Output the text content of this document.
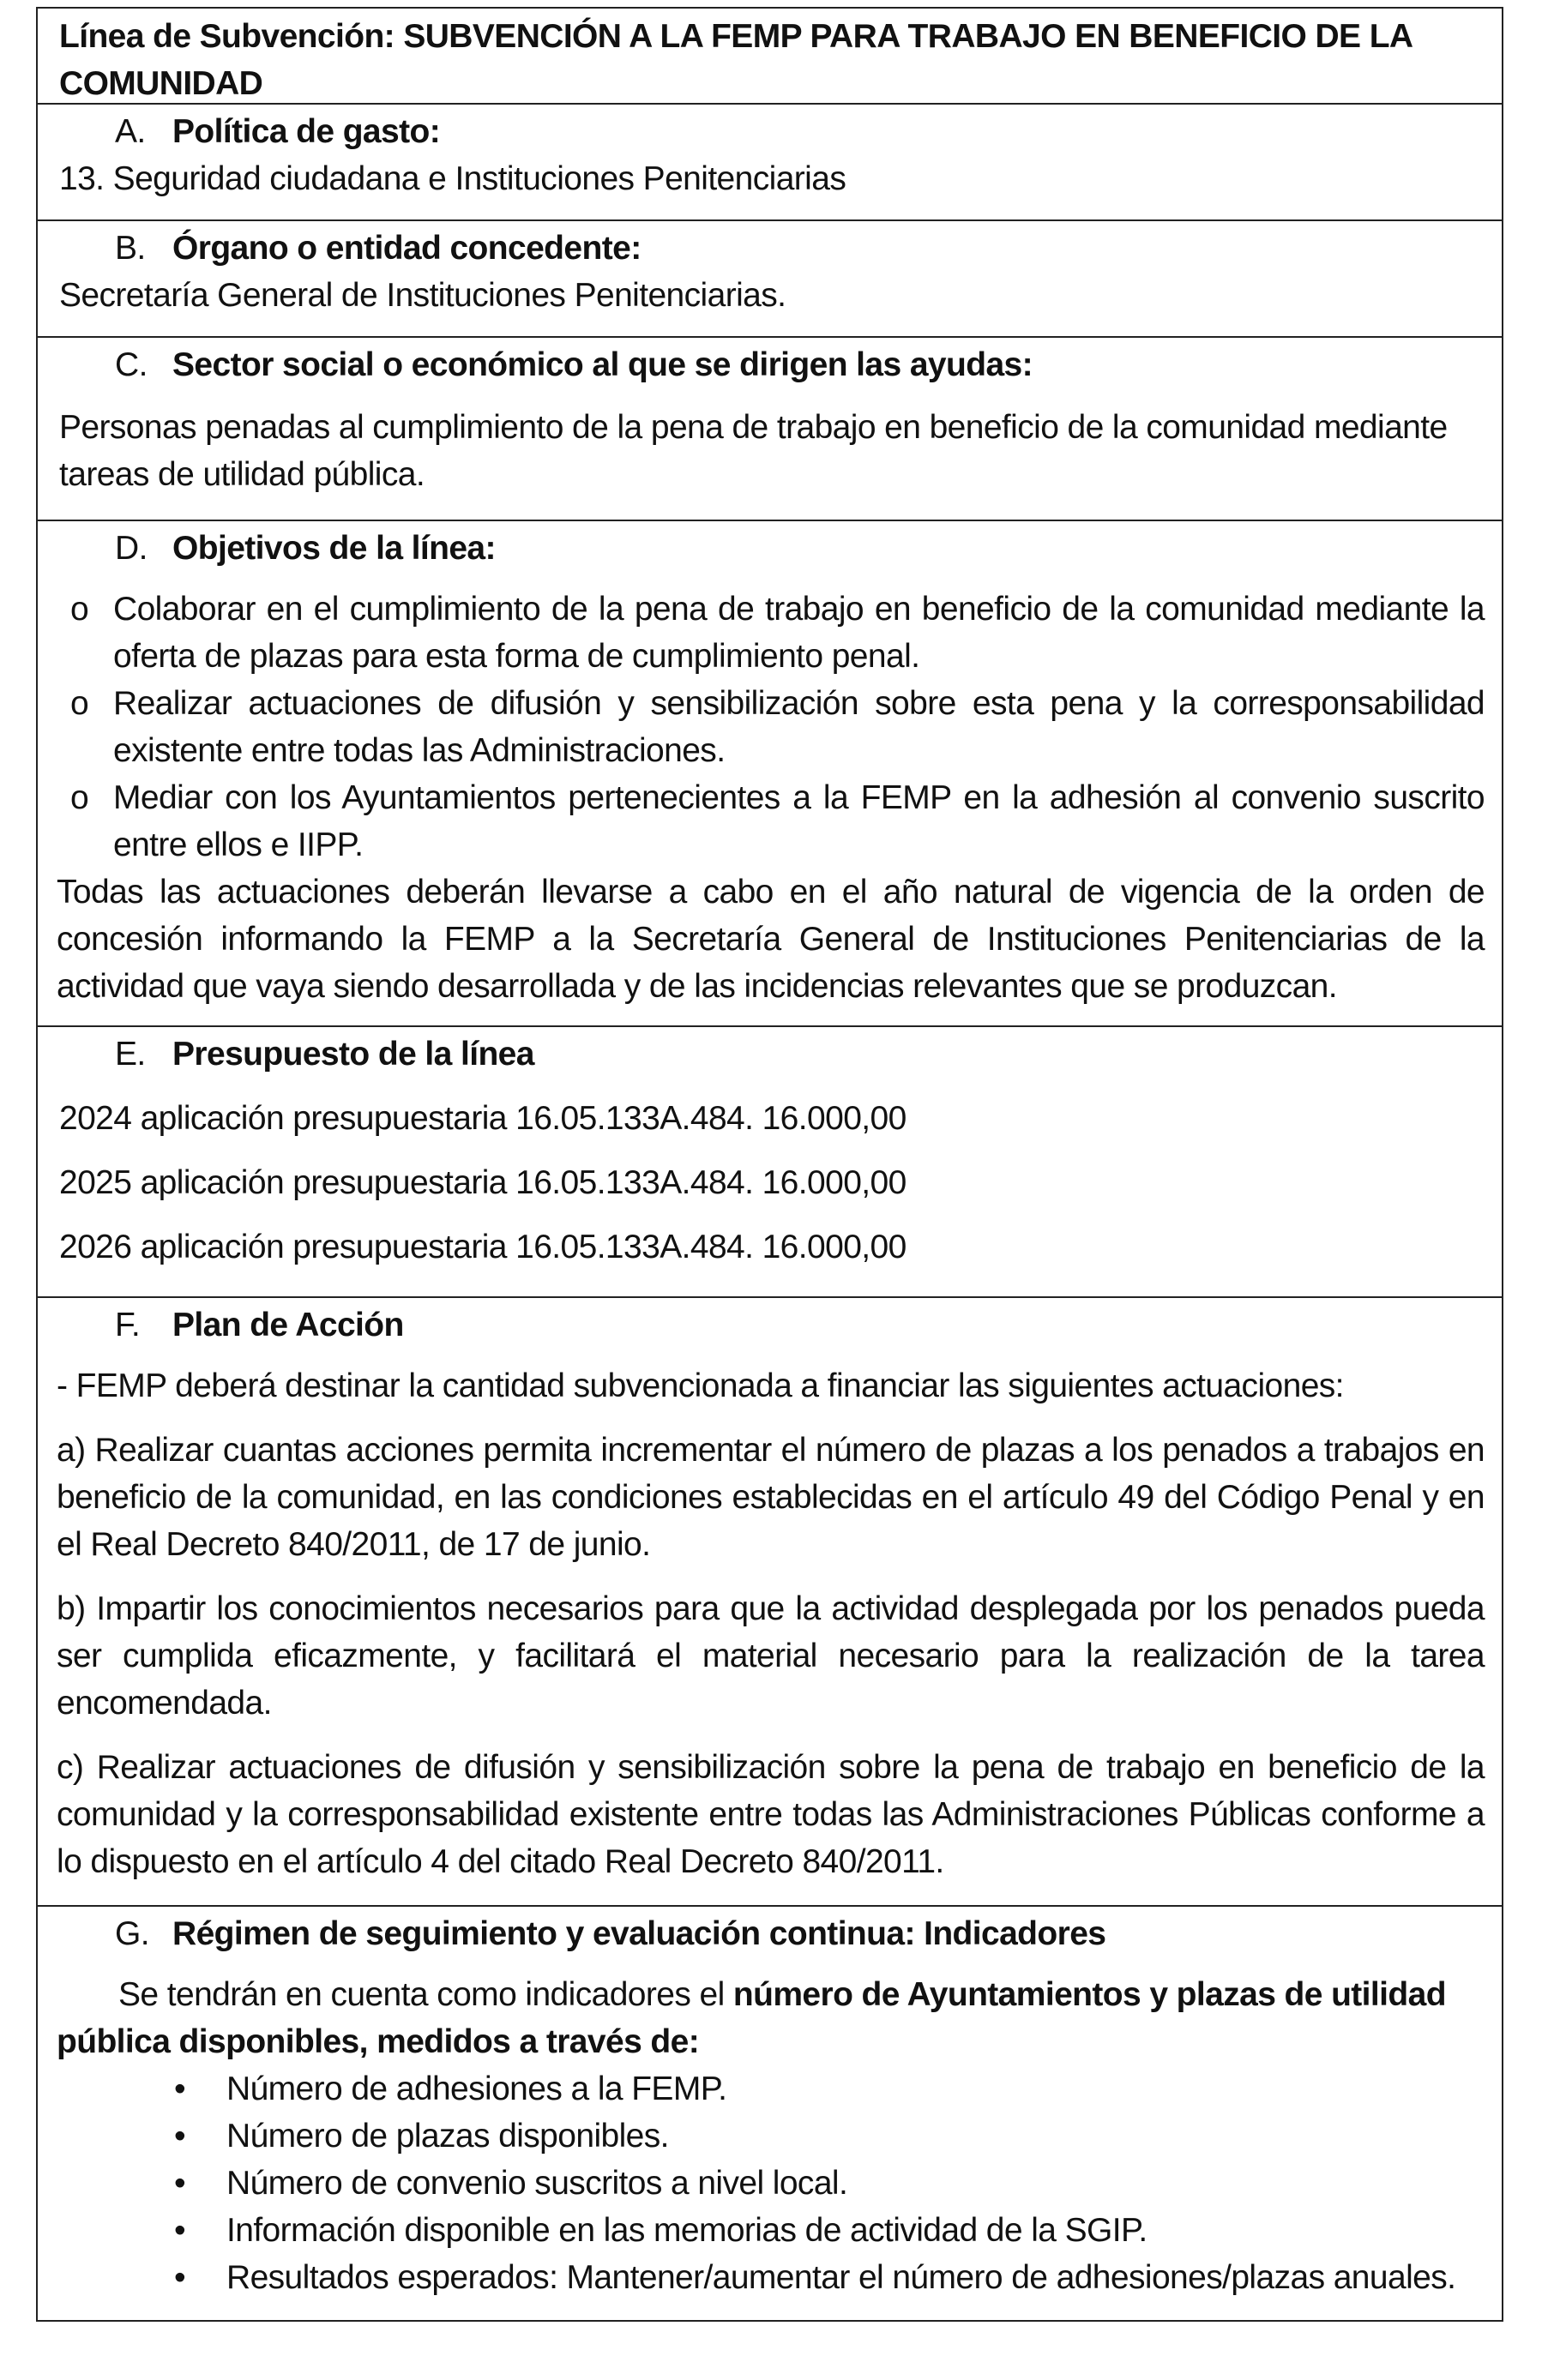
Línea de Subvención: SUBVENCIÓN A LA FEMP PARA TRABAJO EN BENEFICIO DE LA COMUNIDAD
A. Política de gasto:
13. Seguridad ciudadana e Instituciones Penitenciarias
B. Órgano o entidad concedente:
Secretaría General de Instituciones Penitenciarias.
C. Sector social o económico al que se dirigen las ayudas:
Personas penadas al cumplimiento de la pena de trabajo en beneficio de la comunidad mediante tareas de utilidad pública.
D. Objetivos de la línea:
o Colaborar en el cumplimiento de la pena de trabajo en beneficio de la comunidad mediante la oferta de plazas para esta forma de cumplimiento penal.
o Realizar actuaciones de difusión y sensibilización sobre esta pena y la corresponsabilidad existente entre todas las Administraciones.
o Mediar con los Ayuntamientos pertenecientes a la FEMP en la adhesión al convenio suscrito entre ellos e IIPP.
Todas las actuaciones deberán llevarse a cabo en el año natural de vigencia de la orden de concesión informando la FEMP a la Secretaría General de Instituciones Penitenciarias de la actividad que vaya siendo desarrollada y de las incidencias relevantes que se produzcan.
E. Presupuesto de la línea
2024 aplicación presupuestaria 16.05.133A.484. 16.000,00
2025 aplicación presupuestaria 16.05.133A.484. 16.000,00
2026 aplicación presupuestaria 16.05.133A.484. 16.000,00
F. Plan de Acción
- FEMP deberá destinar la cantidad subvencionada a financiar las siguientes actuaciones:
a) Realizar cuantas acciones permita incrementar el número de plazas a los penados a trabajos en beneficio de la comunidad, en las condiciones establecidas en el artículo 49 del Código Penal y en el Real Decreto 840/2011, de 17 de junio.
b) Impartir los conocimientos necesarios para que la actividad desplegada por los penados pueda ser cumplida eficazmente, y facilitará el material necesario para la realización de la tarea encomendada.
c) Realizar actuaciones de difusión y sensibilización sobre la pena de trabajo en beneficio de la comunidad y la corresponsabilidad existente entre todas las Administraciones Públicas conforme a lo dispuesto en el artículo 4 del citado Real Decreto 840/2011.
G. Régimen de seguimiento y evaluación continua: Indicadores
Se tendrán en cuenta como indicadores el número de Ayuntamientos y plazas de utilidad pública disponibles, medidos a través de:
•	Número de adhesiones a la FEMP.
•	Número de plazas disponibles.
•	Número de convenio suscritos a nivel local.
•	Información disponible en las memorias de actividad de la SGIP.
•	Resultados esperados: Mantener/aumentar el número de adhesiones/plazas anuales.
